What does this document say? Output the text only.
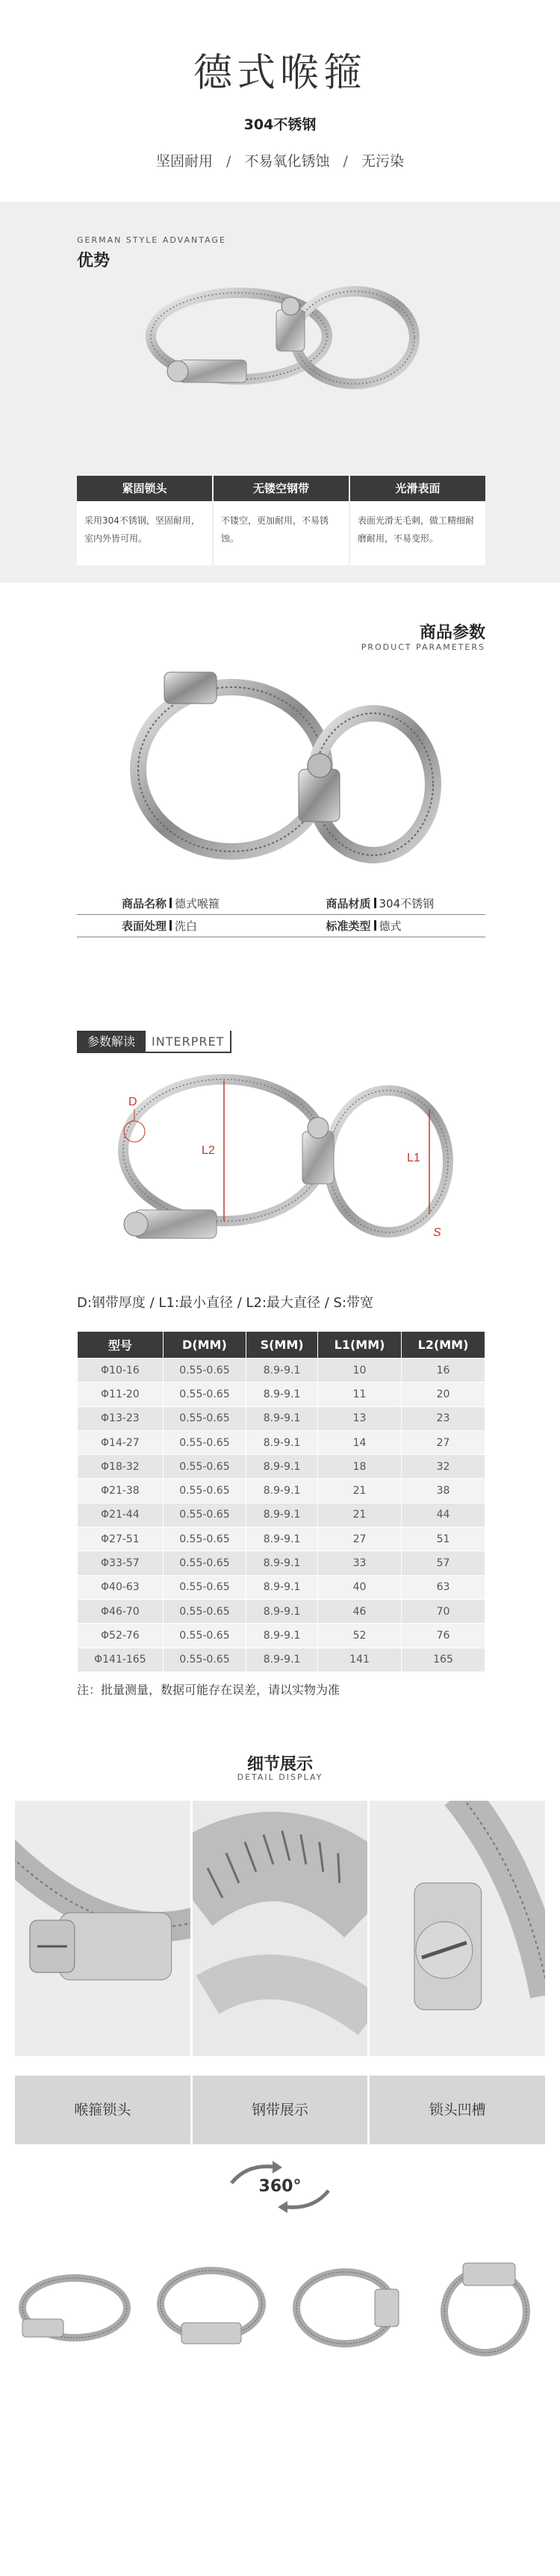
德式喉箍
304不锈钢
坚固耐用 / 不易氧化锈蚀 / 无污染
GERMAN STYLE ADVANTAGE
优势
紧固锁头	无镂空钢带	光滑表面
采用304不锈钢，坚固耐用，室内外皆可用。
不镂空，更加耐用，不易锈蚀。
表面光滑无毛刺，做工精细耐磨耐用，不易变形。
商品参数
PRODUCT PARAMETERS
商品名称 德式喉箍	商品材质 304不锈钢
表面处理 洗白	标准类型 德式
参数解读	INTERPRET
D
L2
L1
S
D:钢带厚度 / L1:最小直径 / L2:最大直径 / S:带宽
型号	D(MM)	S(MM)	L1(MM)	L2(MM)
Φ10-16	0.55-0.65	8.9-9.1	10	16
Φ11-20	0.55-0.65	8.9-9.1	11	20
Φ13-23	0.55-0.65	8.9-9.1	13	23
Φ14-27	0.55-0.65	8.9-9.1	14	27
Φ18-32	0.55-0.65	8.9-9.1	18	32
Φ21-38	0.55-0.65	8.9-9.1	21	38
Φ21-44	0.55-0.65	8.9-9.1	21	44
Φ27-51	0.55-0.65	8.9-9.1	27	51
Φ33-57	0.55-0.65	8.9-9.1	33	57
Φ40-63	0.55-0.65	8.9-9.1	40	63
Φ46-70	0.55-0.65	8.9-9.1	46	70
Φ52-76	0.55-0.65	8.9-9.1	52	76
Φ141-165	0.55-0.65	8.9-9.1	141	165
注：批量测量，数据可能存在误差，请以实物为准
细节展示
DETAIL DISPLAY
喉箍锁头	钢带展示	锁头凹槽
360°
